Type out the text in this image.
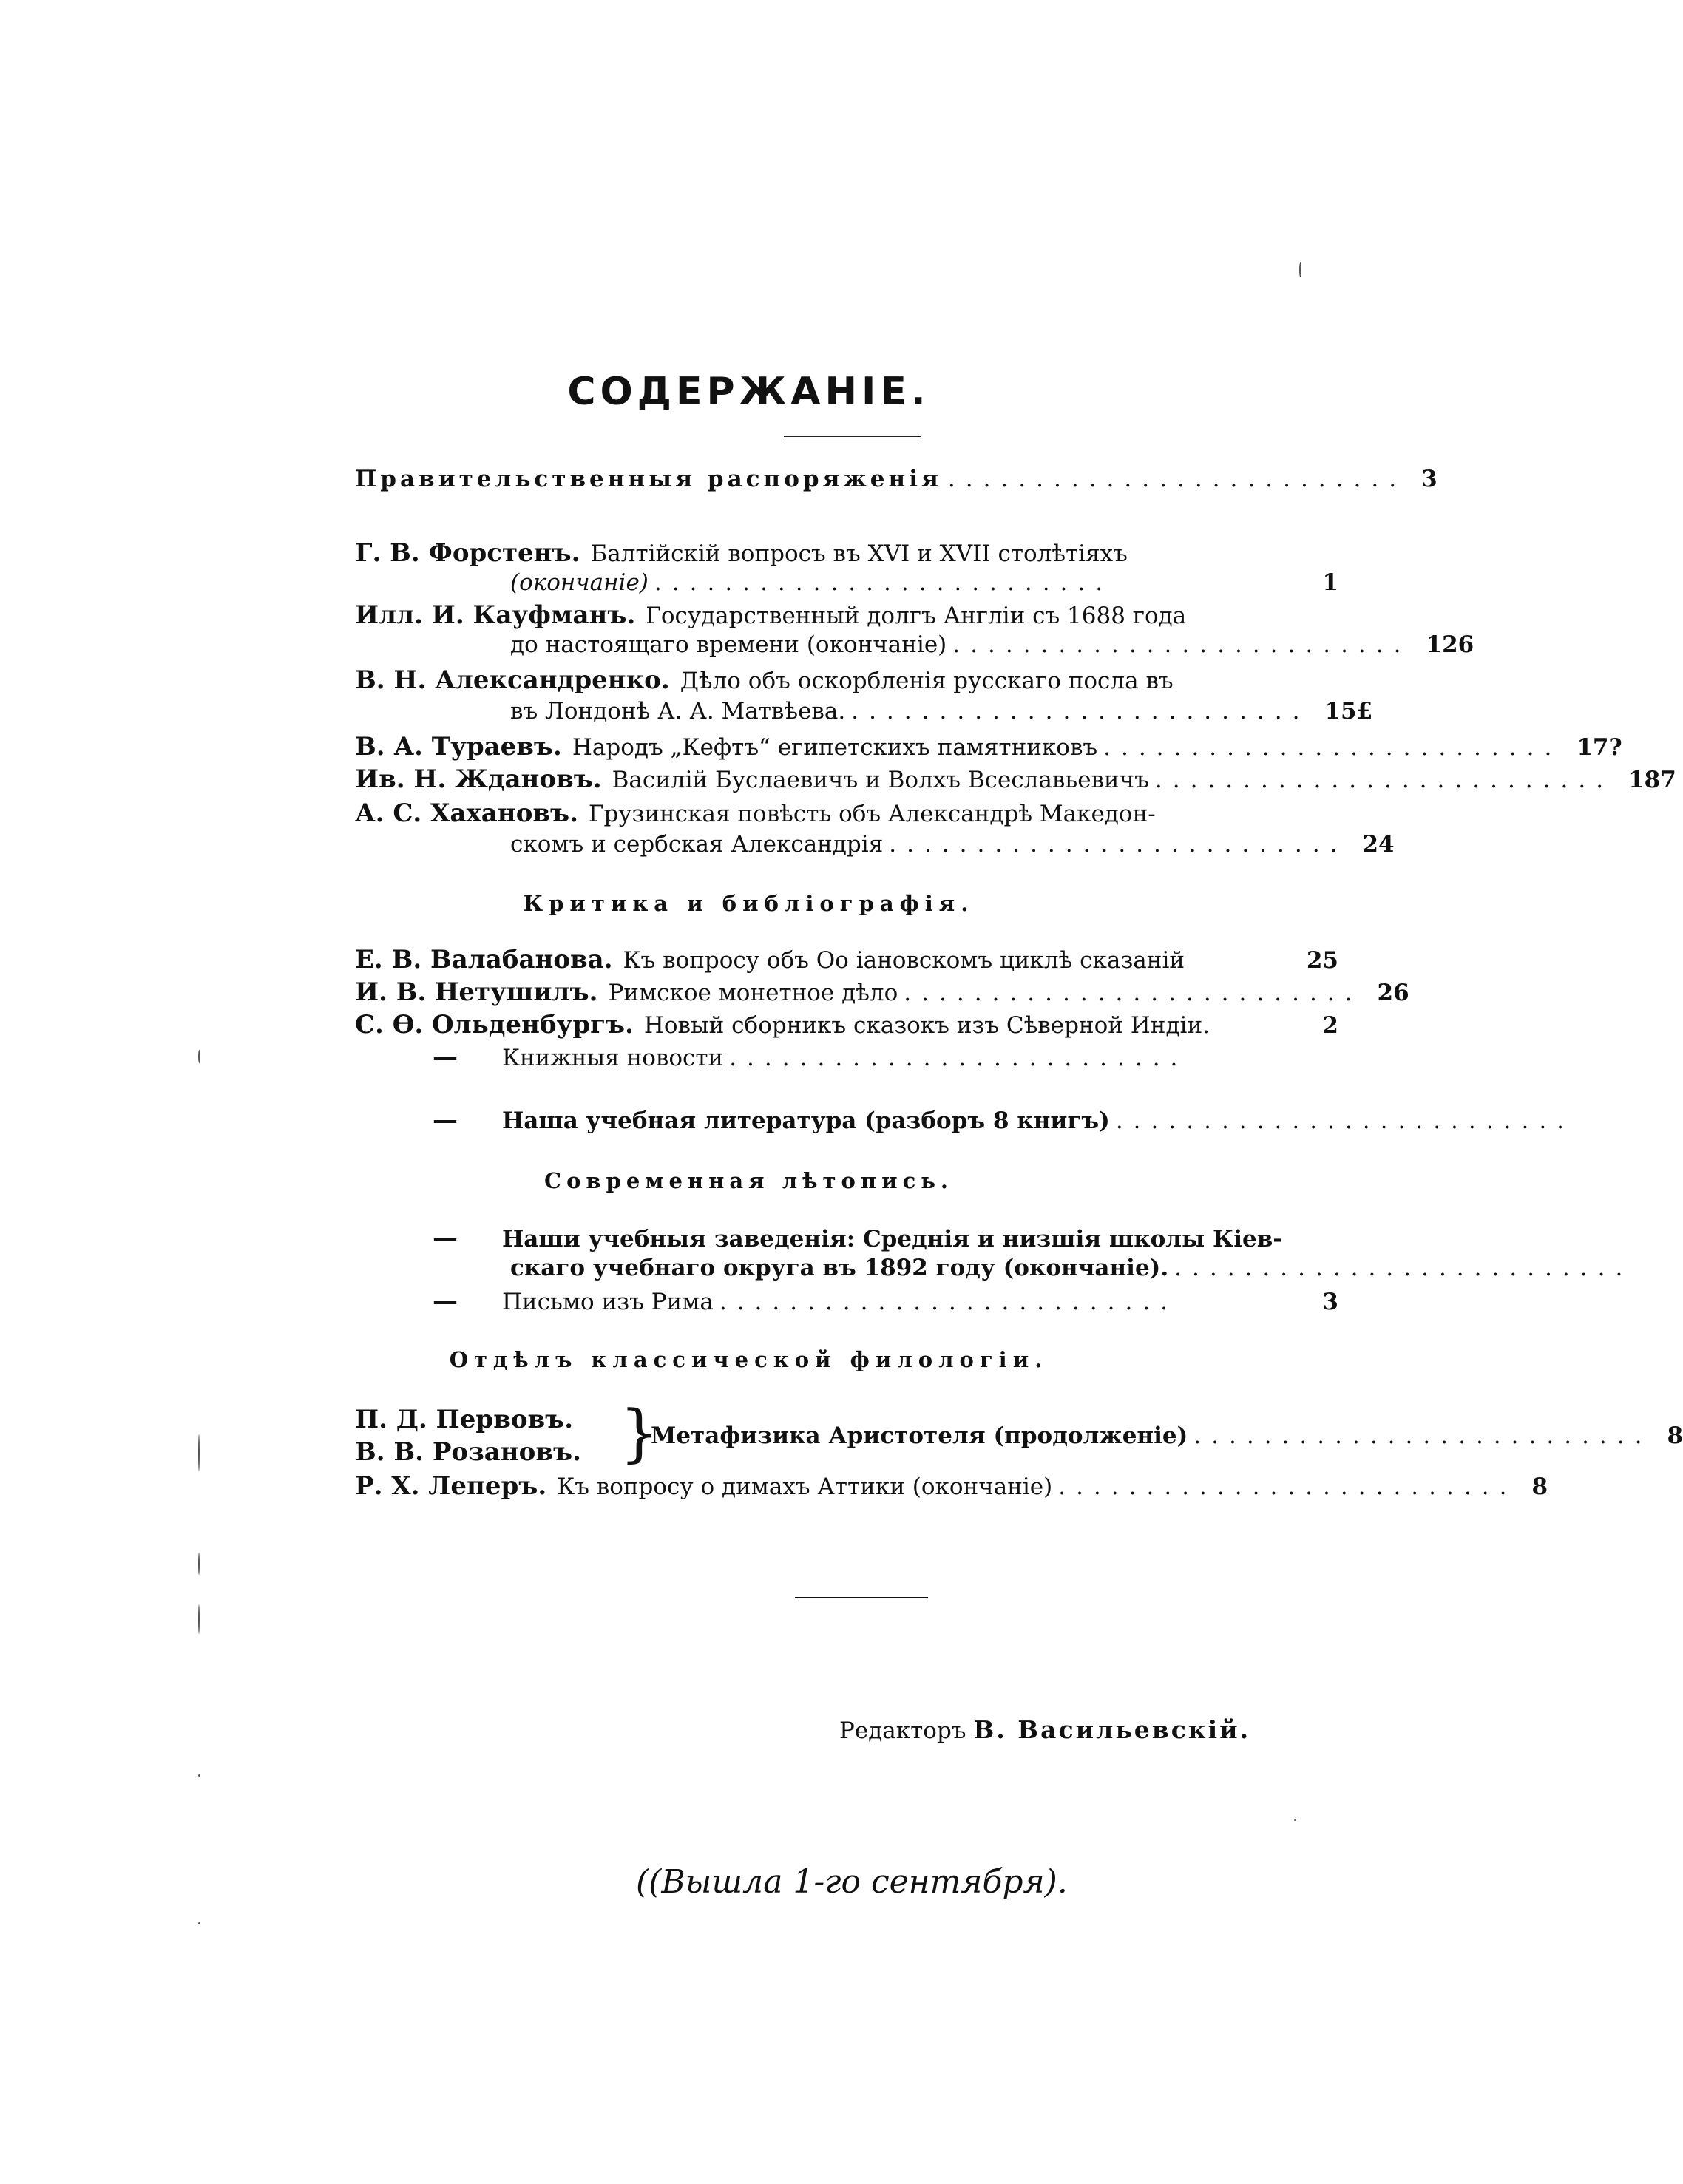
СОДЕРЖАНІЕ.
Правительственныя распоряженія .......................... 3
Г. В. Форстенъ. Балтійскій вопросъ въ XVI и XVII столѣтіяхъ
(окончаніе) ..........................	1
Илл. И. Кауфманъ. Государственный долгъ Англіи съ 1688 года
до настоящаго времени (окончаніе) .......................... 126
В. Н. Александренко. Дѣло объ оскорбленія русскаго посла въ
въ Лондонѣ А. А. Матвѣева. .......................... 15£
В. А. Тураевъ. Народъ „Кефтъ“ египетскихъ памятниковъ .......................... 17?
Ив. Н. Ждановъ. Василій Буслаевичъ и Волхъ Всеславьевичъ .......................... 187
А. С. Хахановъ. Грузинская повѣсть объ Александрѣ Македон-
скомъ и сербская Александрія .......................... 24
Критика и библіографія.
Е. В. Валабанова. Къ вопросу объ Оо іановскомъ циклѣ сказаній	25
И. В. Нетушилъ. Римское монетное дѣло .......................... 26
С. Ѳ. Ольденбургъ. Новый сборникъ сказокъ изъ Сѣверной Индіи.	2
— Книжныя новости ..........................
— Наша учебная литература (разборъ 8 книгъ) ..........................
Современная лѣтопись.
— Наши учебныя заведенія: Среднія и низшія школы Кіев-
скаго учебнаго округа въ 1892 году (окончаніе). ..........................
— Письмо изъ Рима ..........................	3
Отдѣлъ классической филологіи.
П. Д. Первовъ.
В. В. Розановъ. }
Метафизика Аристотеля (продолженіе) .......................... 8
Р. Х. Лeперъ. Къ вопросу о димахъ Аттики (окончаніе) .......................... 8
Редакторъ В. Васильевскій.
((Вышла 1-го сентября).
